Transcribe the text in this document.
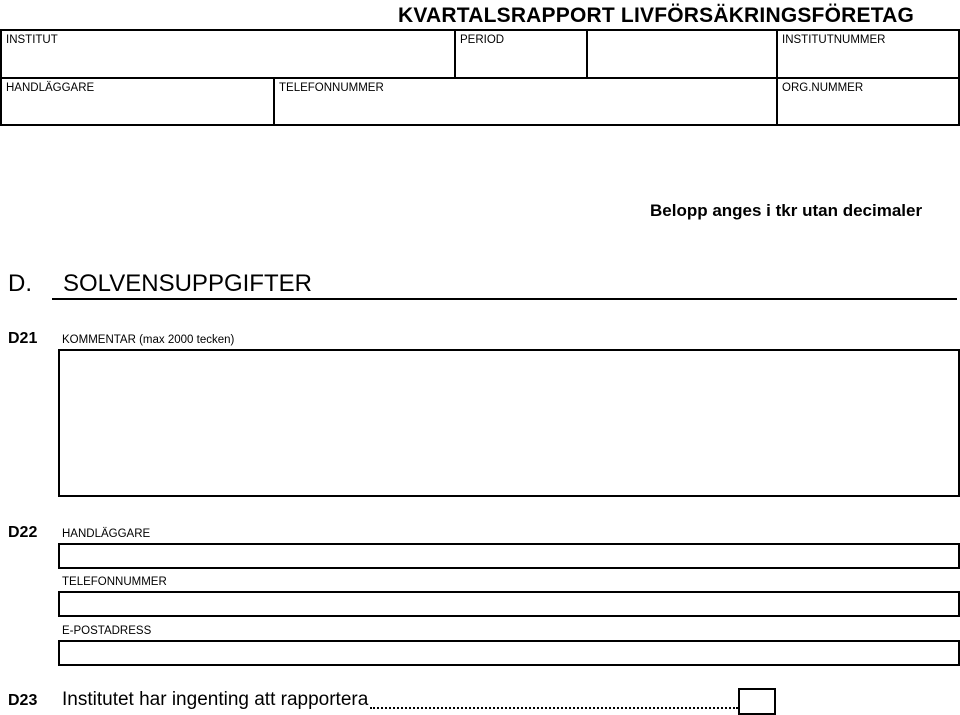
KVARTALSRAPPORT LIVFÖRSÄKRINGSFÖRETAG
INSTITUT	PERIOD	INSTITUTNUMMER
HANDLÄGGARE	TELEFONNUMMER	ORG.NUMMER
Belopp anges i tkr utan decimaler
D. SOLVENSUPPGIFTER
D21 KOMMENTAR (max 2000 tecken)
D22 HANDLÄGGARE
TELEFONNUMMER
E-POSTADRESS
D23 Institutet har ingenting att rapportera
